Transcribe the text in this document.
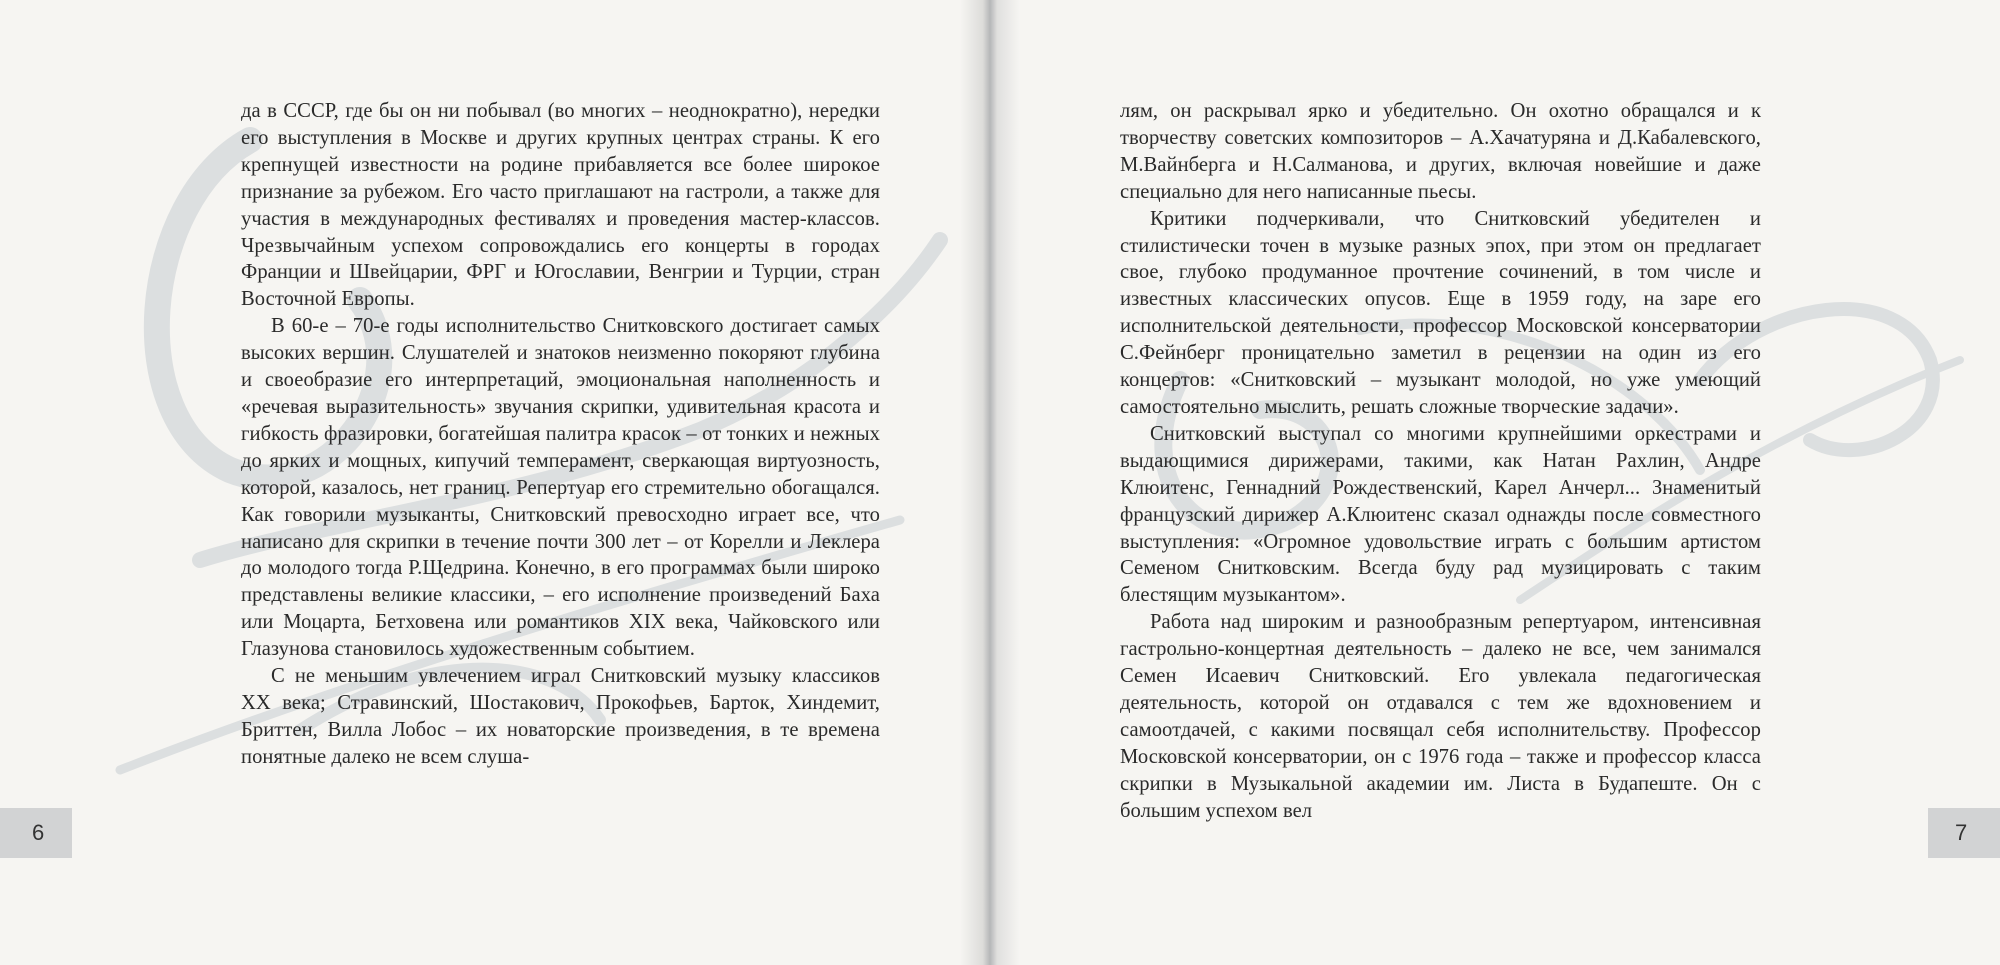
да в СССР, где бы он ни побывал (во многих – неоднократно), нередки его выступления в Москве и других крупных центрах страны. К его крепнущей известности на родине прибавляется все более широкое признание за рубежом. Его часто приглашают на гастроли, а также для участия в международных фестивалях и проведения мастер-классов. Чрезвычайным успехом сопровождались его концерты в городах Франции и Швейцарии, ФРГ и Югославии, Венгрии и Турции, стран Восточной Европы.

В 60-е – 70-е годы исполнительство Снитковского достигает самых высоких вершин. Слушателей и знатоков неизменно покоряют глубина и своеобразие его интерпретаций, эмоциональная наполненность и «речевая выразительность» звучания скрипки, удивительная красота и гибкость фразировки, богатейшая палитра красок – от тонких и нежных до ярких и мощных, кипучий темперамент, сверкающая виртуозность, которой, казалось, нет границ. Репертуар его стремительно обогащался. Как говорили музыканты, Снитковский превосходно играет все, что написано для скрипки в течение почти 300 лет – от Корелли и Леклера до молодого тогда Р.Щедрина. Конечно, в его программах были широко представлены великие классики, – его исполнение произведений Баха или Моцарта, Бетховена или романтиков XIX века, Чайковского или Глазунова становилось художественным событием.

С не меньшим увлечением играл Снитковский музыку классиков XX века; Стравинский, Шостакович, Прокофьев, Барток, Хиндемит, Бриттен, Вилла Лобос – их новаторские произведения, в те времена понятные далеко не всем слуша-

лям, он раскрывал ярко и убедительно. Он охотно обращался и к творчеству советских композиторов – А.Хачатуряна и Д.Кабалевского, М.Вайнберга и Н.Салманова, и других, включая новейшие и даже специально для него написанные пьесы.

Критики подчеркивали, что Снитковский убедителен и стилистически точен в музыке разных эпох, при этом он предлагает свое, глубоко продуманное прочтение сочинений, в том числе и известных классических опусов. Еще в 1959 году, на заре его исполнительской деятельности, профессор Московской консерватории С.Фейнберг проницательно заметил в рецензии на один из его концертов: «Снитковский – музыкант молодой, но уже умеющий самостоятельно мыслить, решать сложные творческие задачи».

Снитковский выступал со многими крупнейшими оркестрами и выдающимися дирижерами, такими, как Натан Рахлин, Андре Клюитенс, Геннадний Рождественский, Карел Анчерл... Знаменитый французский дирижер А.Клюитенс сказал однажды после совместного выступления: «Огромное удовольствие играть с большим артистом Семеном Снитковским. Всегда буду рад музицировать с таким блестящим музыкантом».

Работа над широким и разнообразным репертуаром, интенсивная гастрольно-концертная деятельность – далеко не все, чем занимался Семен Исаевич Снитковский. Его увлекала педагогическая деятельность, которой он отдавался с тем же вдохновением и самоотдачей, с какими посвящал себя исполнительству. Профессор Московской консерватории, он с 1976 года – также и профессор класса скрипки в Музыкальной академии им. Листа в Будапеште. Он с большим успехом вел

6	7
